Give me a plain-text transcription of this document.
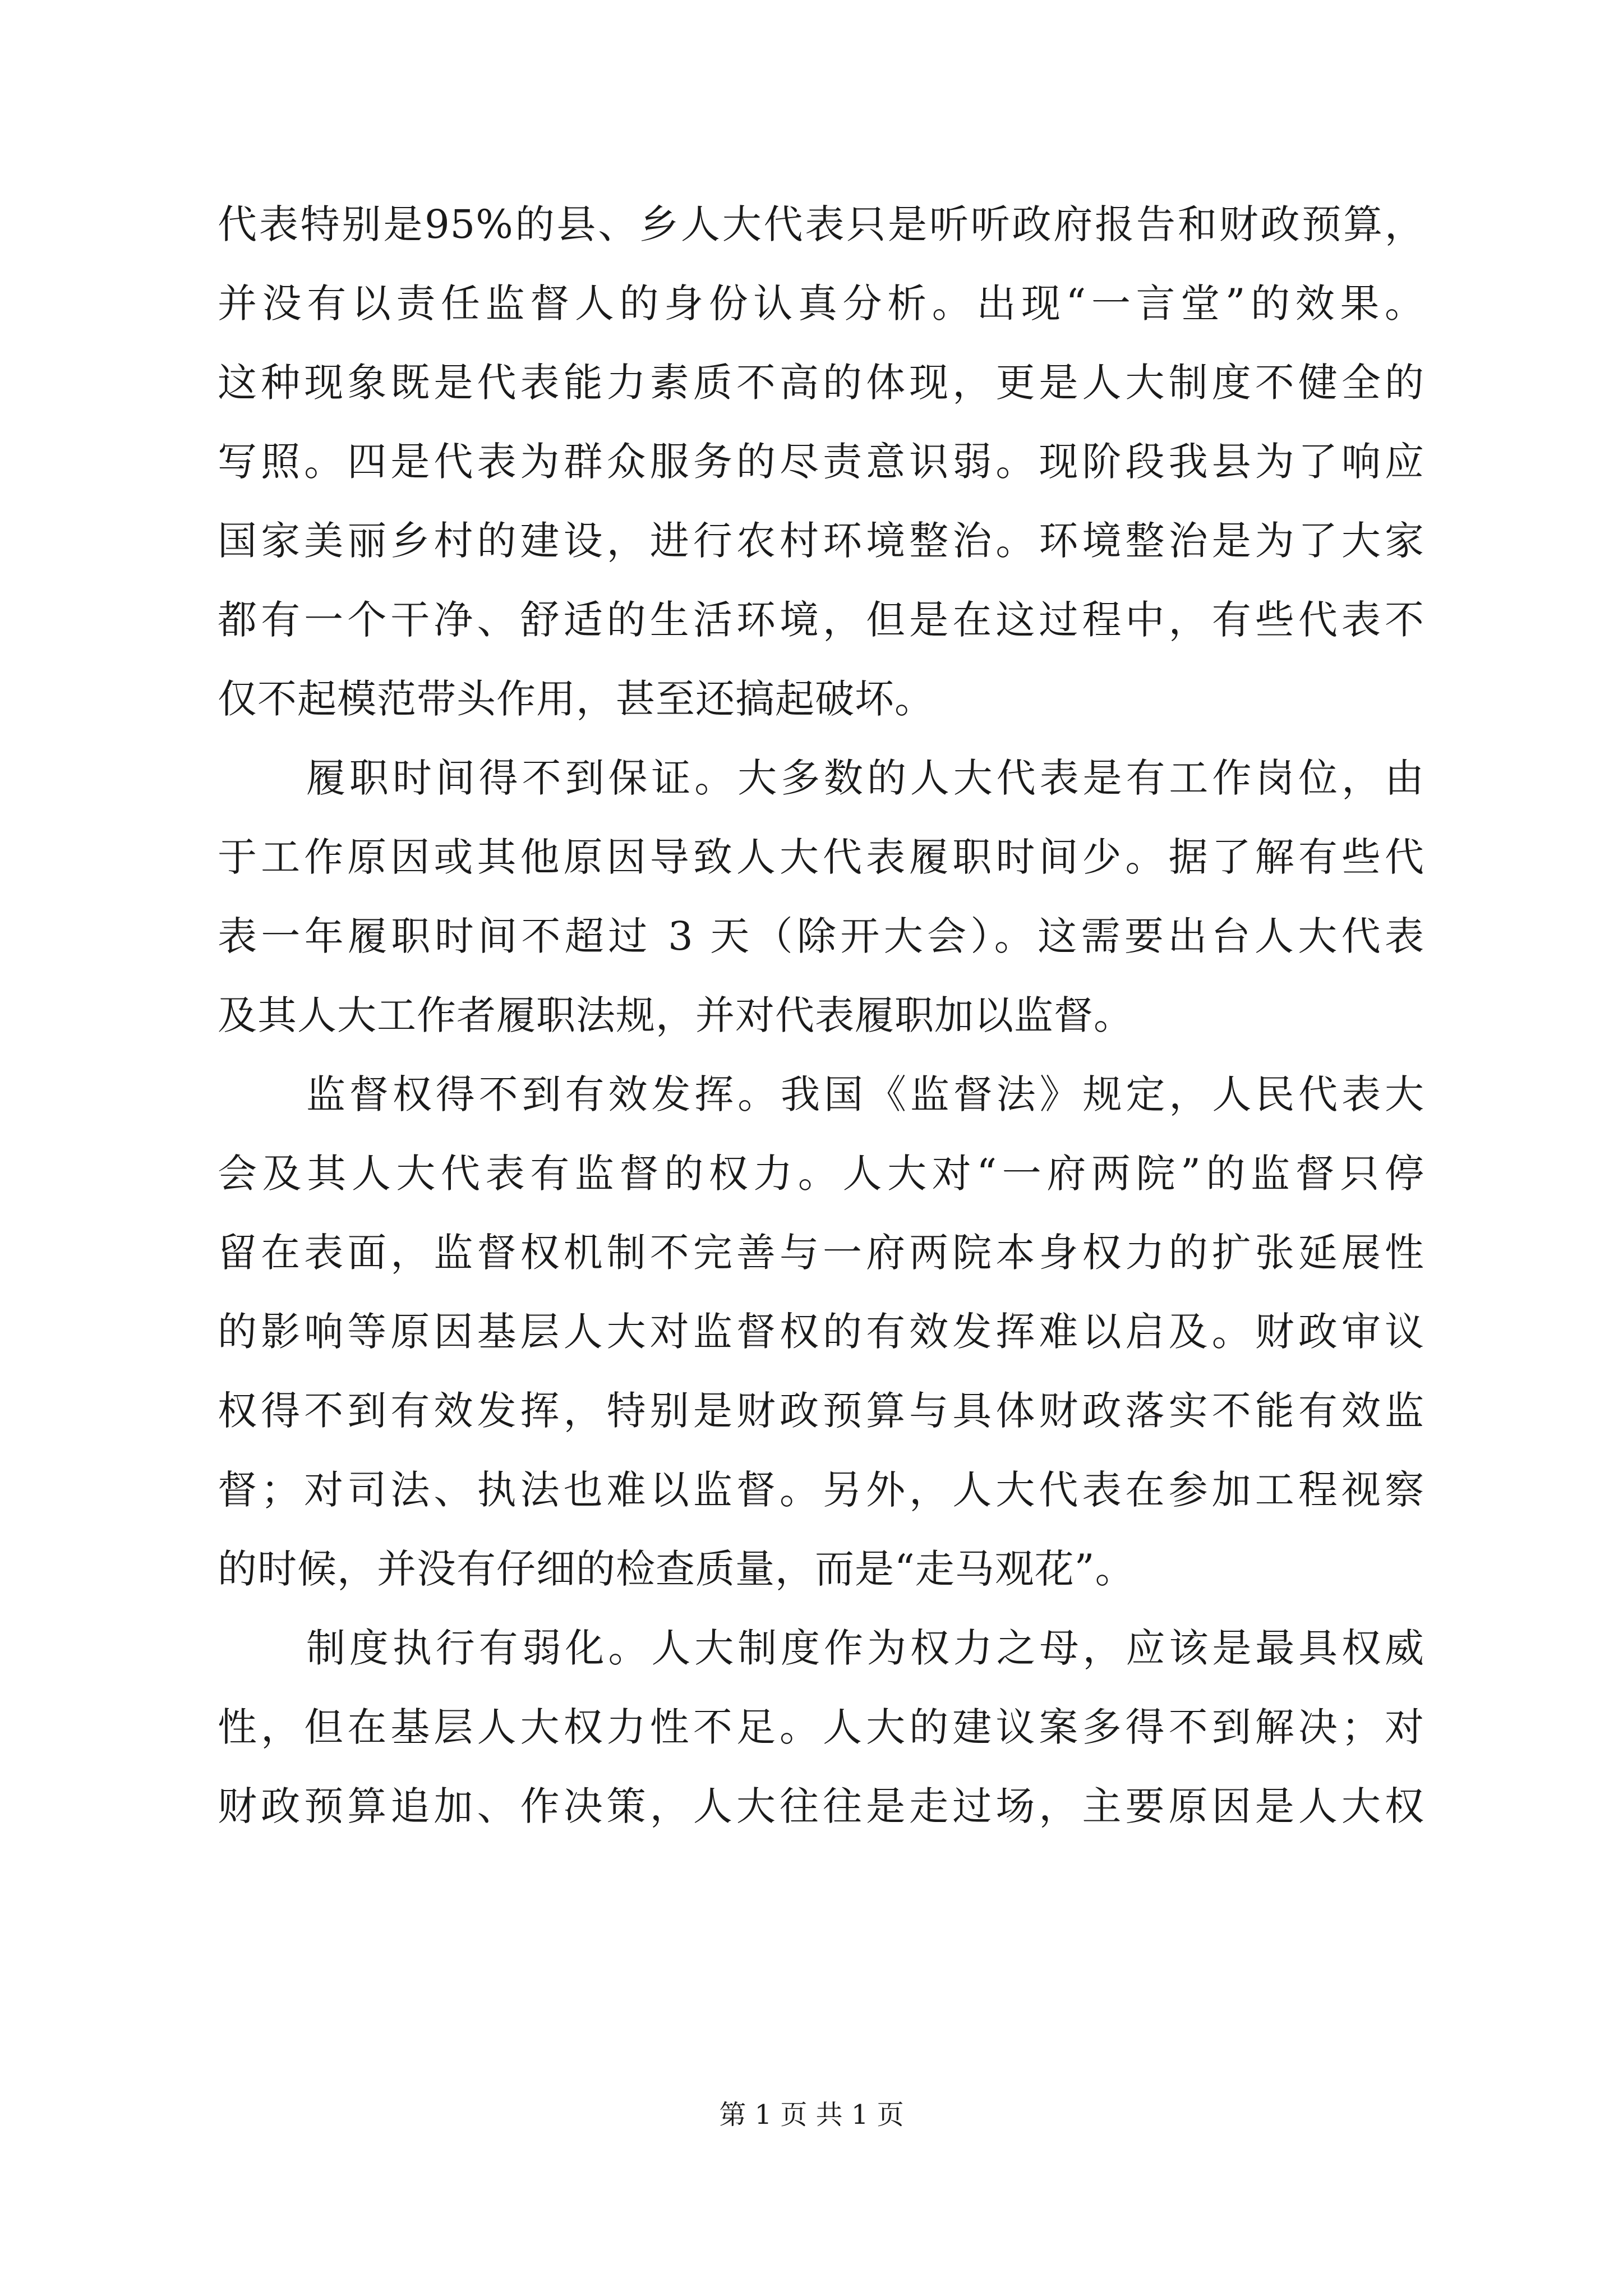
代表特别是95%的县、乡人大代表只是听听政府报告和财政预算，
并没有以责任监督人的身份认真分析。出现“一言堂”的效果。
这种现象既是代表能力素质不高的体现，更是人大制度不健全的
写照。四是代表为群众服务的尽责意识弱。现阶段我县为了响应
国家美丽乡村的建设，进行农村环境整治。环境整治是为了大家
都有一个干净、舒适的生活环境，但是在这过程中，有些代表不
仅不起模范带头作用，甚至还搞起破坏。
履职时间得不到保证。大多数的人大代表是有工作岗位，由
于工作原因或其他原因导致人大代表履职时间少。据了解有些代
表一年履职时间不超过 3 天（除开大会）。这需要出台人大代表
及其人大工作者履职法规，并对代表履职加以监督。
监督权得不到有效发挥。我国《监督法》规定，人民代表大
会及其人大代表有监督的权力。人大对“一府两院”的监督只停
留在表面，监督权机制不完善与一府两院本身权力的扩张延展性
的影响等原因基层人大对监督权的有效发挥难以启及。财政审议
权得不到有效发挥，特别是财政预算与具体财政落实不能有效监
督；对司法、执法也难以监督。另外，人大代表在参加工程视察
的时候，并没有仔细的检查质量，而是“走马观花”。
制度执行有弱化。人大制度作为权力之母，应该是最具权威
性，但在基层人大权力性不足。人大的建议案多得不到解决；对
财政预算追加、作决策，人大往往是走过场，主要原因是人大权
第 1 页 共 1 页
